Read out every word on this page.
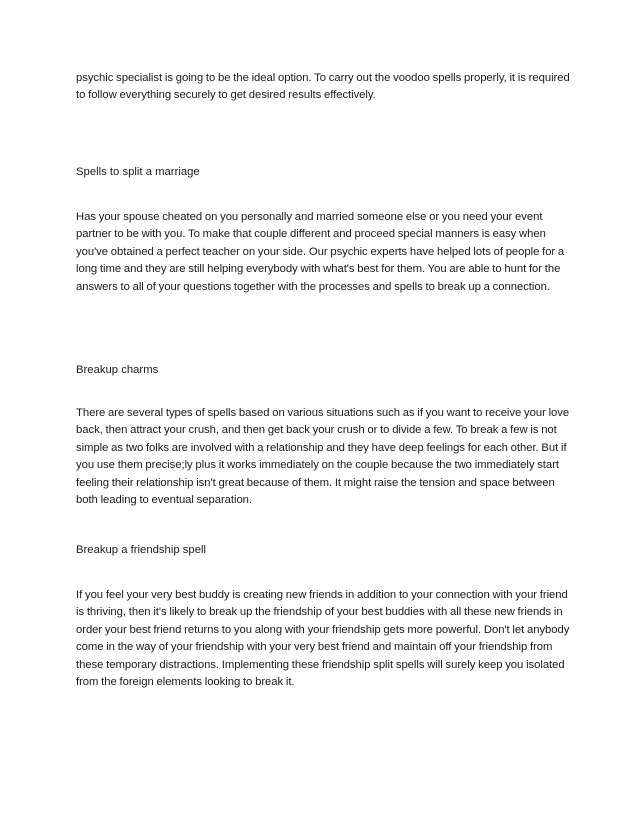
psychic specialist is going to be the ideal option. To carry out the voodoo spells properly, it is required to follow everything securely to get desired results effectively.

Spells to split a marriage

Has your spouse cheated on you personally and married someone else or you need your event partner to be with you. To make that couple different and proceed special manners is easy when you've obtained a perfect teacher on your side. Our psychic experts have helped lots of people for a long time and they are still helping everybody with what's best for them. You are able to hunt for the answers to all of your questions together with the processes and spells to break up a connection.

Breakup charms

There are several types of spells based on various situations such as if you want to receive your love back, then attract your crush, and then get back your crush or to divide a few. To break a few is not simple as two folks are involved with a relationship and they have deep feelings for each other. But if you use them precise;ly plus it works immediately on the couple because the two immediately start feeling their relationship isn't great because of them. It might raise the tension and space between both leading to eventual separation.

Breakup a friendship spell

If you feel your very best buddy is creating new friends in addition to your connection with your friend is thriving, then it's likely to break up the friendship of your best buddies with all these new friends in order your best friend returns to you along with your friendship gets more powerful. Don't let anybody come in the way of your friendship with your very best friend and maintain off your friendship from these temporary distractions. Implementing these friendship split spells will surely keep you isolated from the foreign elements looking to break it.
